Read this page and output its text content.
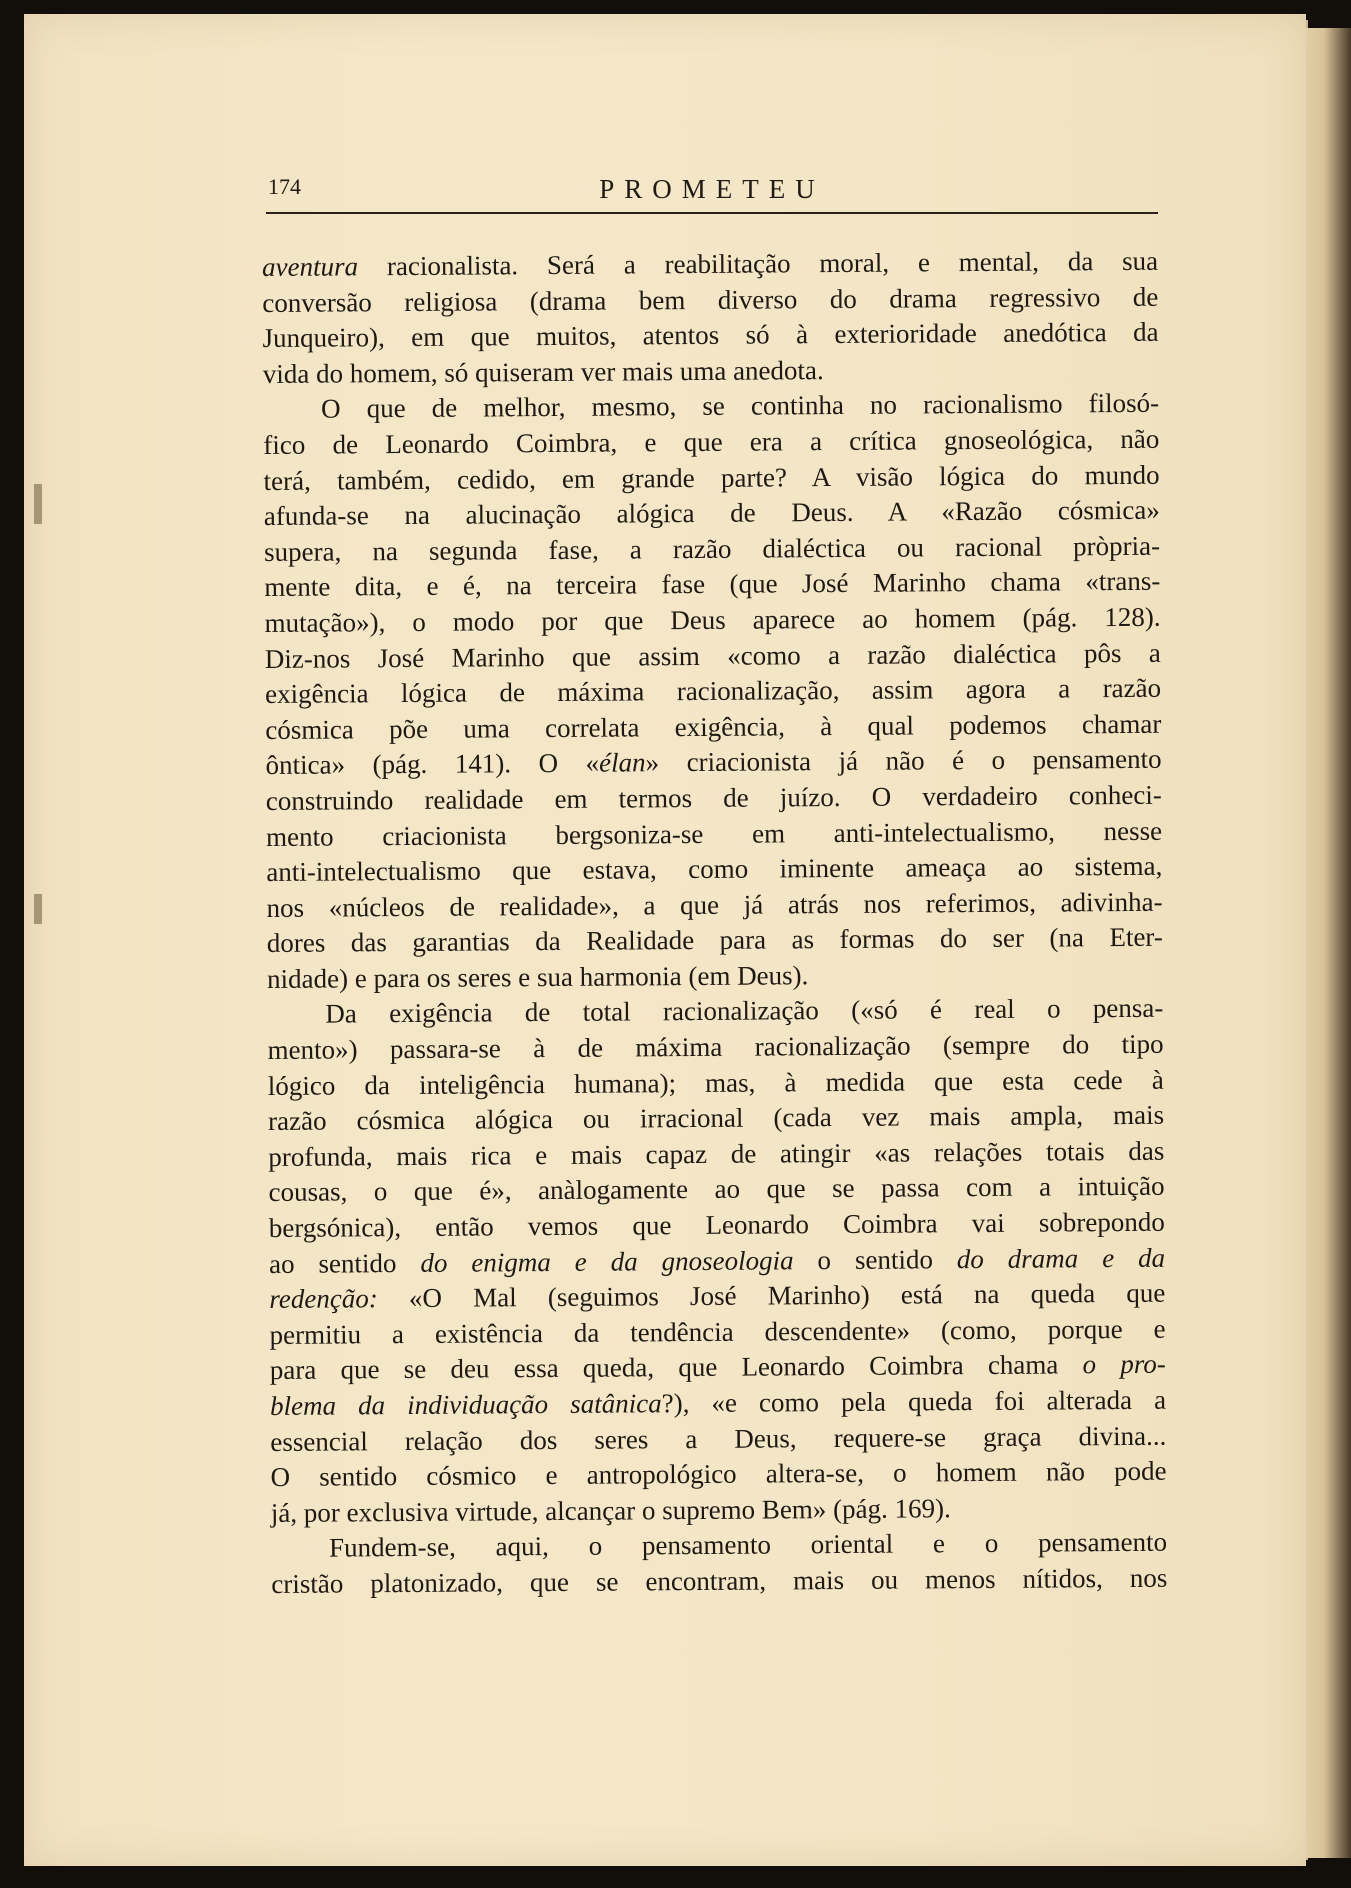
174	PROMETEU
aventura racionalista. Será a reabilitação moral, e mental, da sua
conversão religiosa (drama bem diverso do drama regressivo de
Junqueiro), em que muitos, atentos só à exterioridade anedótica da
vida do homem, só quiseram ver mais uma anedota.
O que de melhor, mesmo, se continha no racionalismo filosó-
fico de Leonardo Coimbra, e que era a crítica gnoseológica, não
terá, também, cedido, em grande parte? A visão lógica do mundo
afunda-se na alucinação alógica de Deus. A «Razão cósmica»
supera, na segunda fase, a razão dialéctica ou racional pròpria-
mente dita, e é, na terceira fase (que José Marinho chama «trans-
mutação»), o modo por que Deus aparece ao homem (pág. 128).
Diz-nos José Marinho que assim «como a razão dialéctica pôs a
exigência lógica de máxima racionalização, assim agora a razão
cósmica põe uma correlata exigência, à qual podemos chamar
ôntica» (pág. 141). O «élan» criacionista já não é o pensamento
construindo realidade em termos de juízo. O verdadeiro conheci-
mento criacionista bergsoniza-se em anti-intelectualismo, nesse
anti-intelectualismo que estava, como iminente ameaça ao sistema,
nos «núcleos de realidade», a que já atrás nos referimos, adivinha-
dores das garantias da Realidade para as formas do ser (na Eter-
nidade) e para os seres e sua harmonia (em Deus).
Da exigência de total racionalização («só é real o pensa-
mento») passara-se à de máxima racionalização (sempre do tipo
lógico da inteligência humana); mas, à medida que esta cede à
razão cósmica alógica ou irracional (cada vez mais ampla, mais
profunda, mais rica e mais capaz de atingir «as relações totais das
cousas, o que é», anàlogamente ao que se passa com a intuição
bergsónica), então vemos que Leonardo Coimbra vai sobrepondo
ao sentido do enigma e da gnoseologia o sentido do drama e da
redenção: «O Mal (seguimos José Marinho) está na queda que
permitiu a existência da tendência descendente» (como, porque e
para que se deu essa queda, que Leonardo Coimbra chama o pro-
blema da individuação satânica?), «e como pela queda foi alterada a
essencial relação dos seres a Deus, requere-se graça divina...
O sentido cósmico e antropológico altera-se, o homem não pode
já, por exclusiva virtude, alcançar o supremo Bem» (pág. 169).
Fundem-se, aqui, o pensamento oriental e o pensamento
cristão platonizado, que se encontram, mais ou menos nítidos, nos
